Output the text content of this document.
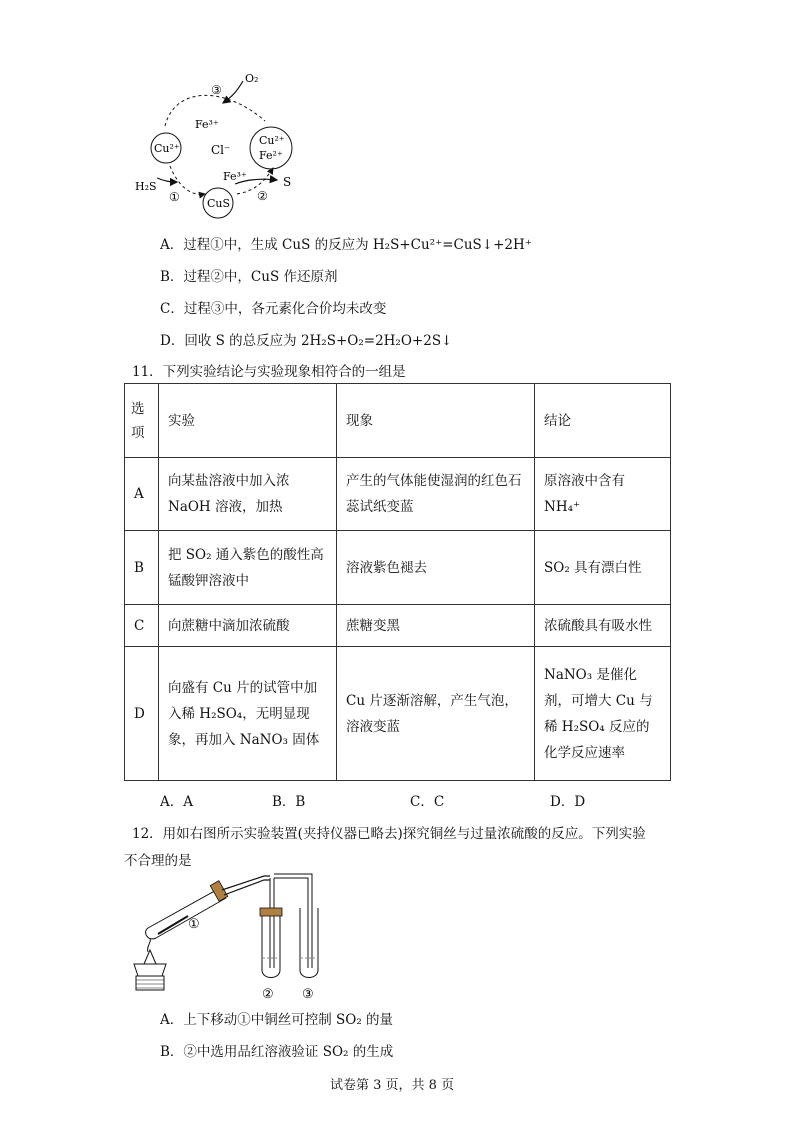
O₂
③
Fe³⁺
Cu²⁺	Cl⁻
Cu²⁺
Fe²⁺
Fe³⁺	S
H₂S
① CuS
②
A．过程①中，生成 CuS 的反应为 H₂S+Cu²⁺=CuS↓+2H⁺
B．过程②中，CuS 作还原剂
C．过程③中，各元素化合价均未改变
D．回收 S 的总反应为 2H₂S+O₂=2H₂O+2S↓
11．下列实验结论与实验现象相符合的一组是
选项	实验	现象	结论
A	向某盐溶液中加入浓NaOH 溶液，加热	产生的气体能使湿润的红色石蕊试纸变蓝	原溶液中含有 NH₄⁺
B	把 SO₂ 通入紫色的酸性高锰酸钾溶液中	溶液紫色褪去	SO₂ 具有漂白性
C	向蔗糖中滴加浓硫酸	蔗糖变黑	浓硫酸具有吸水性
D	向盛有 Cu 片的试管中加入稀 H₂SO₄，无明显现象，再加入 NaNO₃ 固体	Cu 片逐渐溶解，产生气泡，溶液变蓝	NaNO₃ 是催化剂，可增大 Cu 与稀 H₂SO₄ 反应的化学反应速率
A．A	B．B	C．C	D．D
12．用如右图所示实验装置(夹持仪器已略去)探究铜丝与过量浓硫酸的反应。下列实验
不合理的是
①
② ③
A．上下移动①中铜丝可控制 SO₂ 的量
B．②中选用品红溶液验证 SO₂ 的生成
试卷第 3 页，共 8 页
